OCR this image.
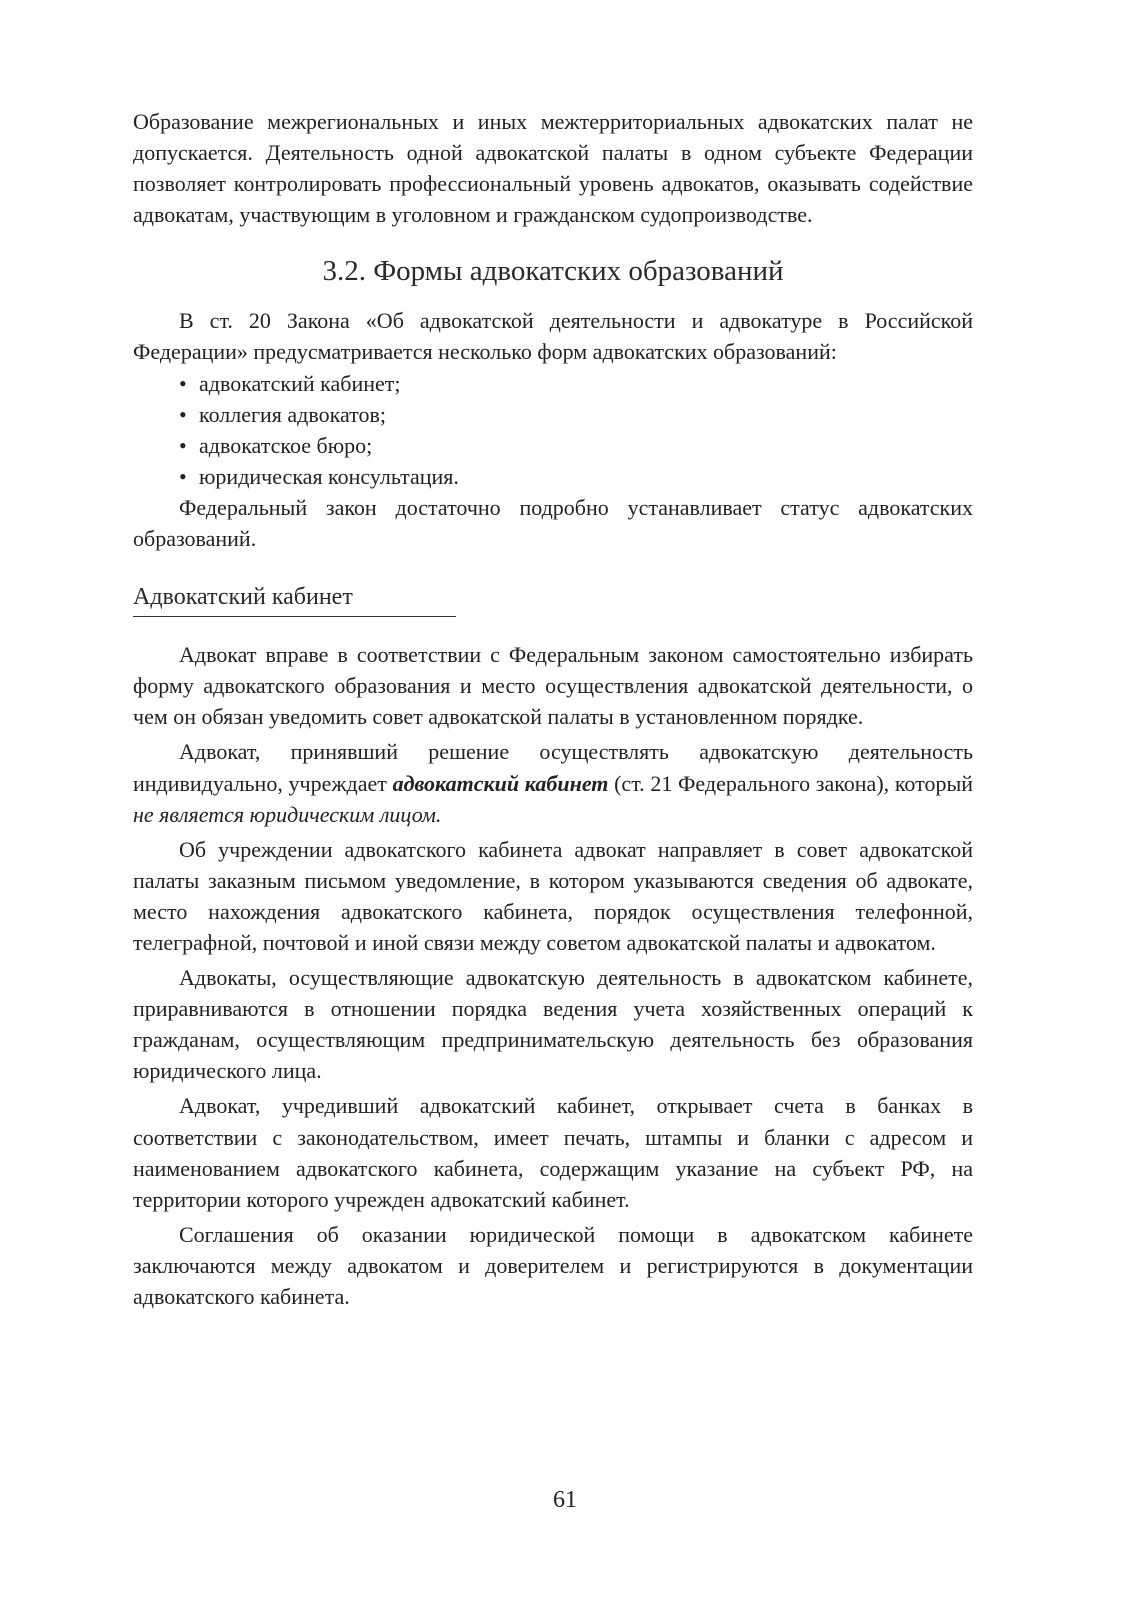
Образование межрегиональных и иных межтерриториальных адвокатских палат не допускается. Деятельность одной адвокатской палаты в одном субъекте Федерации позволяет контролировать профессиональный уровень адвокатов, оказывать содействие адвокатам, участвующим в уголовном и гражданском судопроизводстве.

3.2. Формы адвокатских образований

В ст. 20 Закона «Об адвокатской деятельности и адвокатуре в Российской Федерации» предусматривается несколько форм адвокатских образований:

• адвокатский кабинет;
• коллегия адвокатов;
• адвокатское бюро;
• юридическая консультация.

Федеральный закон достаточно подробно устанавливает статус адвокатских образований.

Адвокатский кабинет

Адвокат вправе в соответствии с Федеральным законом самостоятельно избирать форму адвокатского образования и место осуществления адвокатской деятельности, о чем он обязан уведомить совет адвокатской палаты в установленном порядке.

Адвокат, принявший решение осуществлять адвокатскую деятельность индивидуально, учреждает адвокатский кабинет (ст. 21 Федерального закона), который не является юридическим лицом.

Об учреждении адвокатского кабинета адвокат направляет в совет адвокатской палаты заказным письмом уведомление, в котором указываются сведения об адвокате, место нахождения адвокатского кабинета, порядок осуществления телефонной, телеграфной, почтовой и иной связи между советом адвокатской палаты и адвокатом.

Адвокаты, осуществляющие адвокатскую деятельность в адвокатском кабинете, приравниваются в отношении порядка ведения учета хозяйственных операций к гражданам, осуществляющим предпринимательскую деятельность без образования юридического лица.

Адвокат, учредивший адвокатский кабинет, открывает счета в банках в соответствии с законодательством, имеет печать, штампы и бланки с адресом и наименованием адвокатского кабинета, содержащим указание на субъект РФ, на территории которого учрежден адвокатский кабинет.

Соглашения об оказании юридической помощи в адвокатском кабинете заключаются между адвокатом и доверителем и регистрируются в документации адвокатского кабинета.

61
